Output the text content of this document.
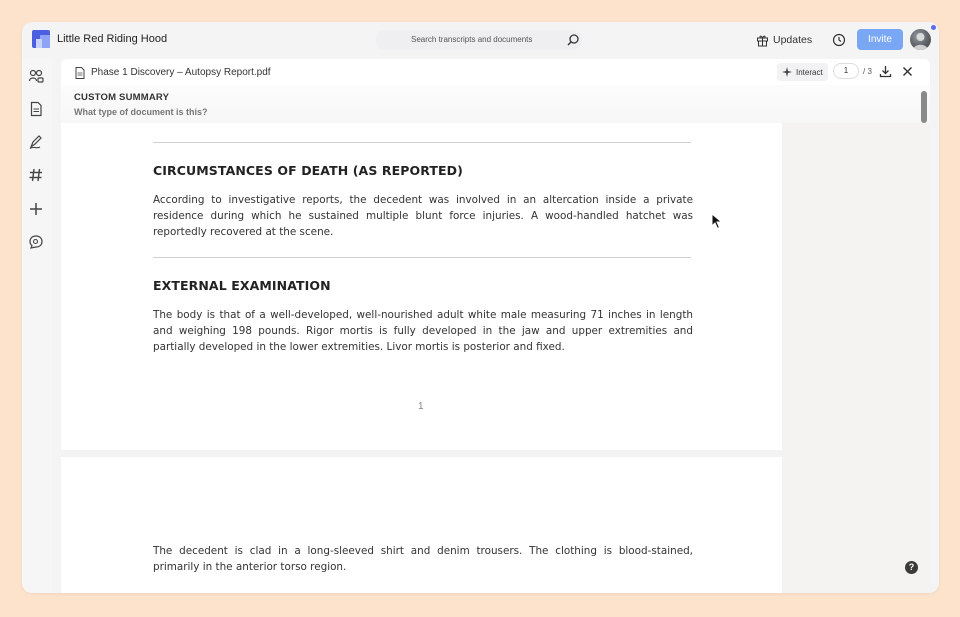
Little Red Riding Hood	Search transcripts and documents	Updates	Invite
Phase 1 Discovery – Autopsy Report.pdf	Interact	1	/ 3
CUSTOM SUMMARY
What type of document is this?
CIRCUMSTANCES OF DEATH (AS REPORTED)
According to investigative reports, the decedent was involved in an altercation inside a private residence during which he sustained multiple blunt force injuries. A wood-handled hatchet was reportedly recovered at the scene.
EXTERNAL EXAMINATION
The body is that of a well-developed, well-nourished adult white male measuring 71 inches in length and weighing 198 pounds. Rigor mortis is fully developed in the jaw and upper extremities and partially developed in the lower extremities. Livor mortis is posterior and fixed.
1
The decedent is clad in a long-sleeved shirt and denim trousers. The clothing is blood-stained, primarily in the anterior torso region.	?
